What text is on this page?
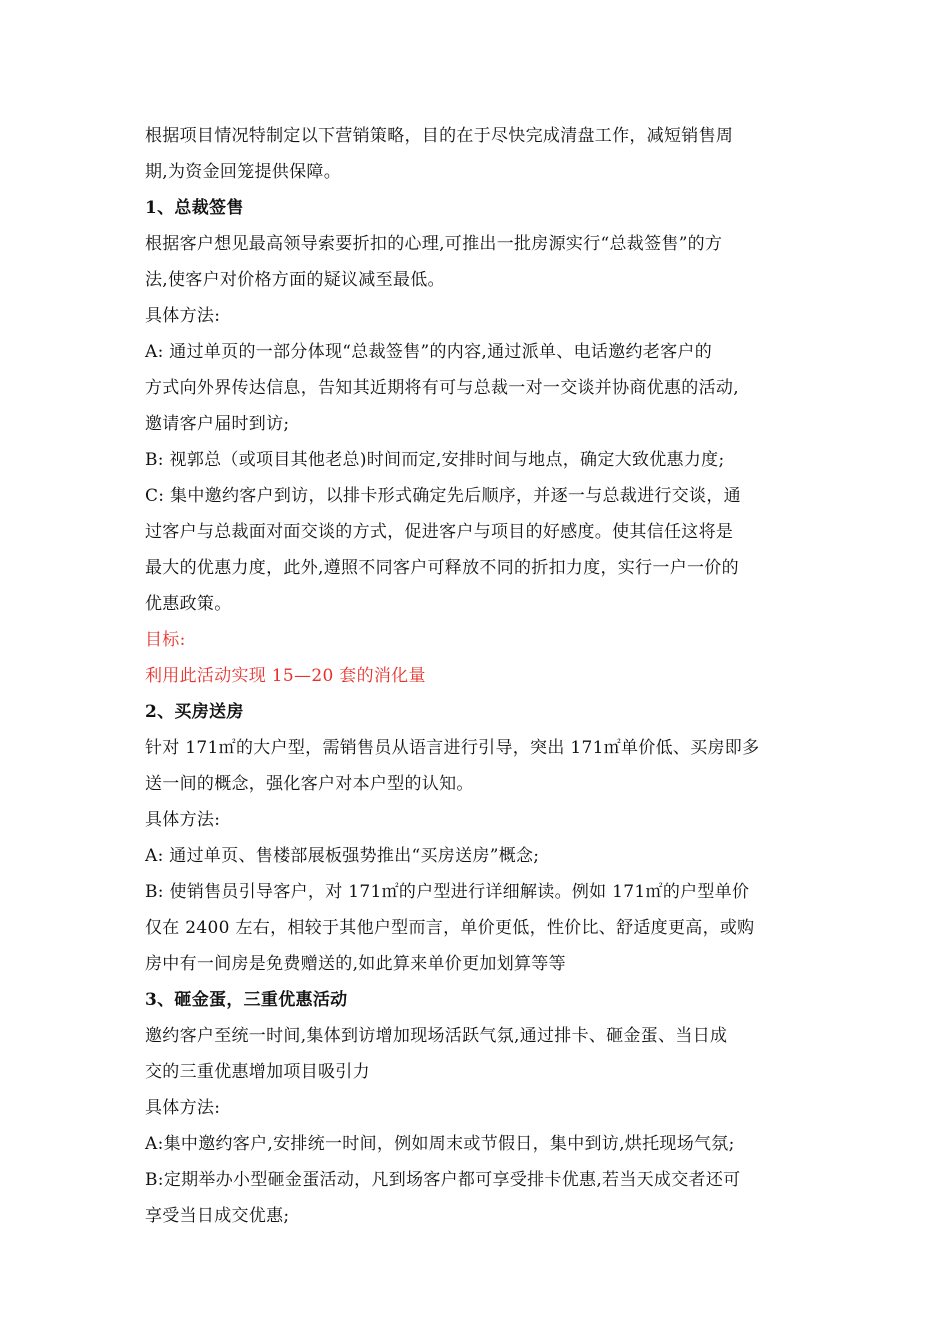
根据项目情况特制定以下营销策略，目的在于尽快完成清盘工作，减短销售周
期,为资金回笼提供保障。
1、总裁签售
根据客户想见最高领导索要折扣的心理,可推出一批房源实行“总裁签售”的方
法,使客户对价格方面的疑议减至最低。
具体方法:
A: 通过单页的一部分体现“总裁签售”的内容,通过派单、电话邀约老客户的
方式向外界传达信息，告知其近期将有可与总裁一对一交谈并协商优惠的活动,
邀请客户届时到访;
B: 视郭总（或项目其他老总)时间而定,安排时间与地点，确定大致优惠力度;
C: 集中邀约客户到访，以排卡形式确定先后顺序，并逐一与总裁进行交谈，通
过客户与总裁面对面交谈的方式，促进客户与项目的好感度。使其信任这将是
最大的优惠力度，此外,遵照不同客户可释放不同的折扣力度，实行一户一价的
优惠政策。
目标:
利用此活动实现 15—20 套的消化量
2、买房送房
针对 171㎡的大户型，需销售员从语言进行引导，突出 171㎡单价低、买房即多
送一间的概念，强化客户对本户型的认知。
具体方法:
A: 通过单页、售楼部展板强势推出“买房送房”概念;
B: 使销售员引导客户，对 171㎡的户型进行详细解读。例如 171㎡的户型单价
仅在 2400 左右，相较于其他户型而言，单价更低，性价比、舒适度更高，或购
房中有一间房是免费赠送的,如此算来单价更加划算等等
3、砸金蛋，三重优惠活动
邀约客户至统一时间,集体到访增加现场活跃气氛,通过排卡、砸金蛋、当日成
交的三重优惠增加项目吸引力
具体方法:
A:集中邀约客户,安排统一时间，例如周末或节假日，集中到访,烘托现场气氛;
B:定期举办小型砸金蛋活动，凡到场客户都可享受排卡优惠,若当天成交者还可
享受当日成交优惠;
